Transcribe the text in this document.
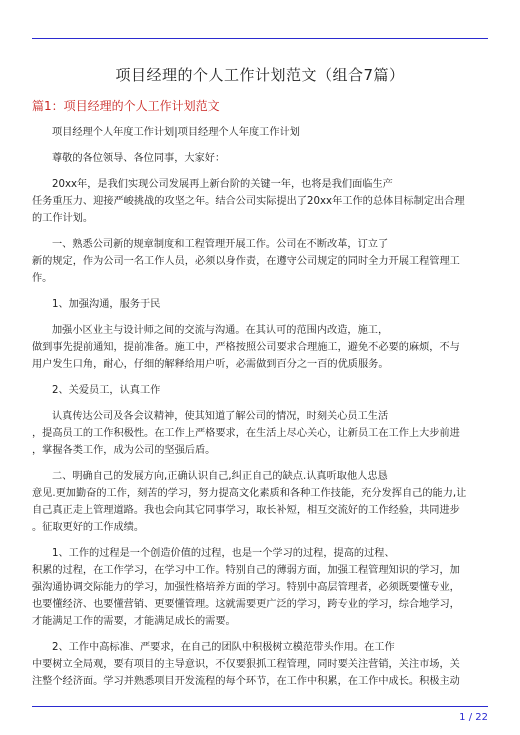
项目经理的个人工作计划范文（组合7篇）
篇1：项目经理的个人工作计划范文
项目经理个人年度工作计划|项目经理个人年度工作计划
尊敬的各位领导、各位同事，大家好：
20xx年，是我们实现公司发展再上新台阶的关键一年，也将是我们面临生产
任务重压力、迎接严峻挑战的攻坚之年。结合公司实际提出了20xx年工作的总体目标制定出合理
的工作计划。
一、熟悉公司新的规章制度和工程管理开展工作。公司在不断改革，订立了
新的规定，作为公司一名工作人员，必须以身作责，在遵守公司规定的同时全力开展工程管理工
作。
1、加强沟通，服务于民
加强小区业主与设计师之间的交流与沟通。在其认可的范围内改造，施工，
做到事先提前通知，提前准备。施工中，严格按照公司要求合理施工，避免不必要的麻烦，不与
用户发生口角，耐心，仔细的解释给用户听，必需做到百分之一百的优质服务。
2、关爱员工，认真工作
认真传达公司及各会议精神，使其知道了解公司的情况，时刻关心员工生活
，提高员工的工作积极性。在工作上严格要求，在生活上尽心关心，让新员工在工作上大步前进
，掌握各类工作，成为公司的坚强后盾。
二、明确自己的发展方向,正确认识自己,纠正自己的缺点.认真听取他人忠恳
意见.更加勤奋的工作，刻苦的学习，努力提高文化素质和各种工作技能，充分发挥自己的能力,让
自己真正走上管理道路。我也会向其它同事学习，取长补短，相互交流好的工作经验，共同进步
。征取更好的工作成绩。
1、工作的过程是一个创造价值的过程，也是一个学习的过程，提高的过程、
积累的过程，在工作学习，在学习中工作。特别自己的薄弱方面，加强工程管理知识的学习，加
强沟通协调交际能力的学习，加强性格培养方面的学习。特别中高层管理者，必须既要懂专业，
也要懂经济、也要懂营销、更要懂管理。这就需要更广泛的学习，跨专业的学习，综合地学习，
才能满足工作的需要，才能满足成长的需要。
2、工作中高标准、严要求，在自己的团队中积极树立模范带头作用。在工作
中要树立全局观，要有项目的主导意识，不仅要狠抓工程管理，同时要关注营销，关注市场，关
注整个经济面。学习并熟悉项目开发流程的每个环节，在工作中积累，在工作中成长。积极主动
1 / 22
